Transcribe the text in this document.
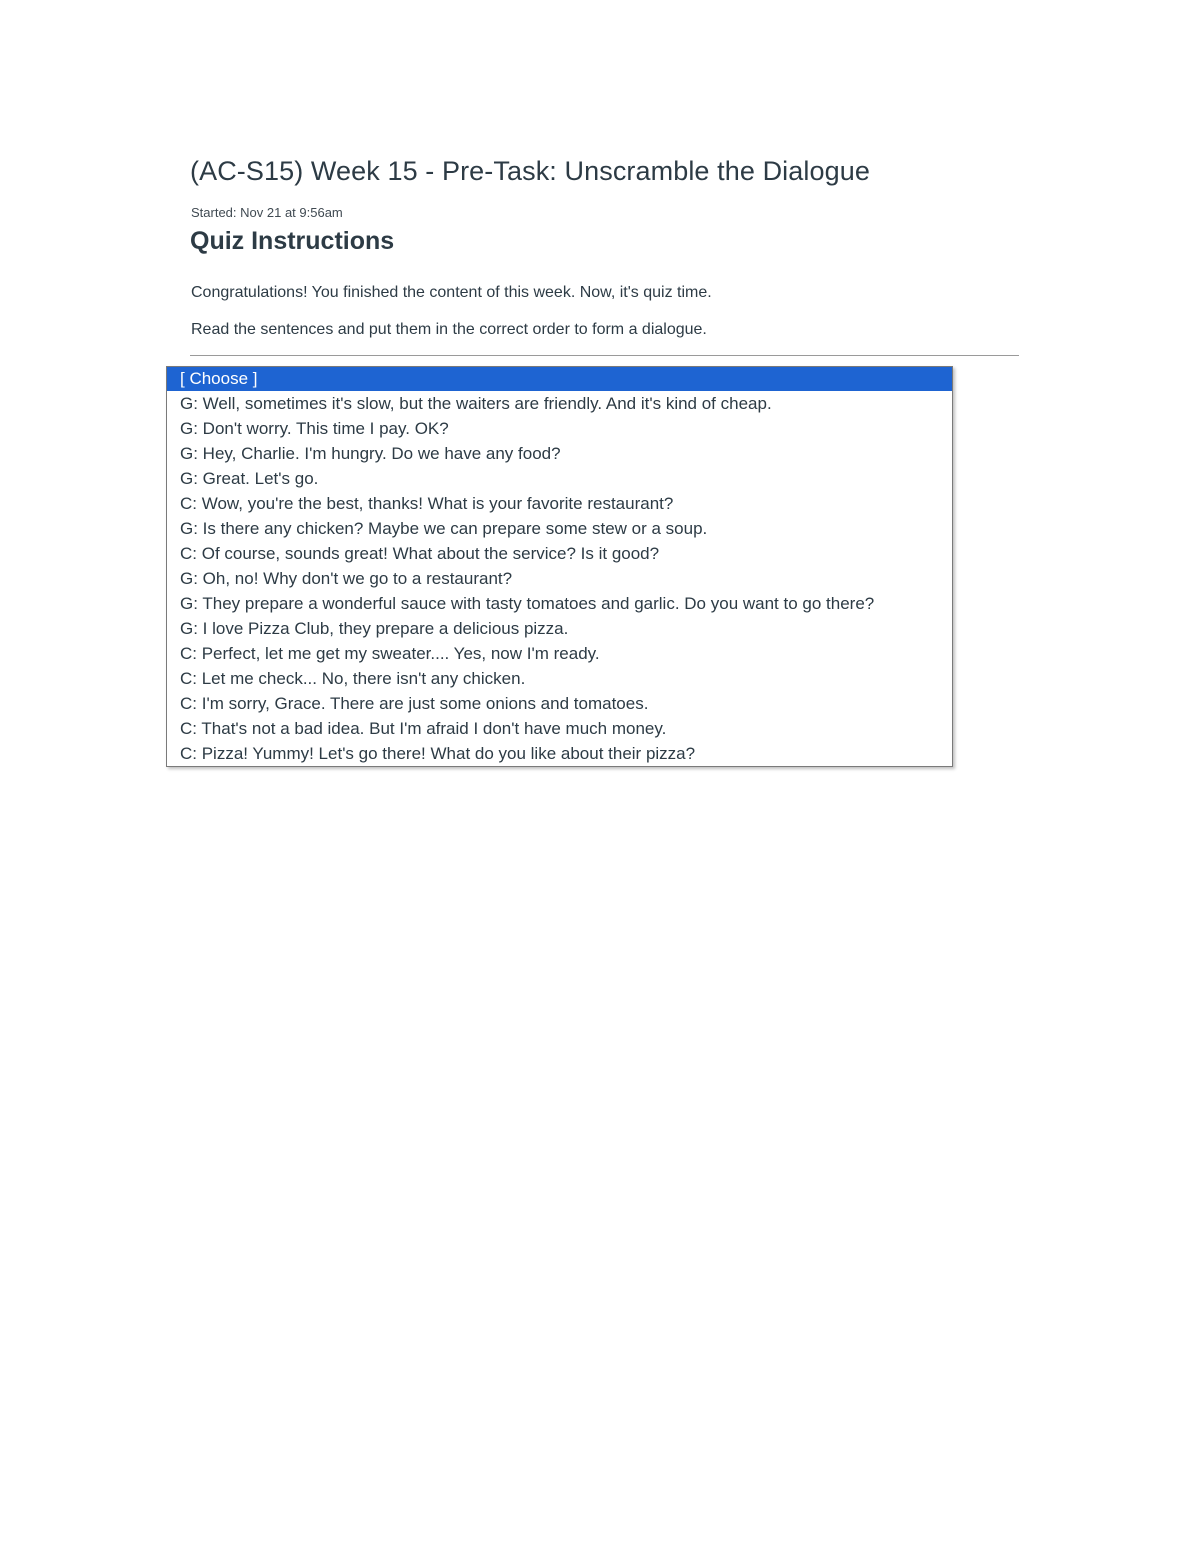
(AC-S15) Week 15 - Pre-Task: Unscramble the Dialogue
Started: Nov 21 at 9:56am
Quiz Instructions

Congratulations! You finished the content of this week. Now, it's quiz time.

Read the sentences and put them in the correct order to form a dialogue.

[ Choose ]
G: Well, sometimes it's slow, but the waiters are friendly. And it's kind of cheap.
G: Don't worry. This time I pay. OK?
G: Hey, Charlie. I'm hungry. Do we have any food?
G: Great. Let's go.
C: Wow, you're the best, thanks! What is your favorite restaurant?
G: Is there any chicken? Maybe we can prepare some stew or a soup.
C: Of course, sounds great! What about the service? Is it good?
G: Oh, no! Why don't we go to a restaurant?
G: They prepare a wonderful sauce with tasty tomatoes and garlic. Do you want to go there?
G: I love Pizza Club, they prepare a delicious pizza.
C: Perfect, let me get my sweater.... Yes, now I'm ready.
C: Let me check... No, there isn't any chicken.
C: I'm sorry, Grace. There are just some onions and tomatoes.
C: That's not a bad idea. But I'm afraid I don't have much money.
C: Pizza! Yummy! Let's go there! What do you like about their pizza?
